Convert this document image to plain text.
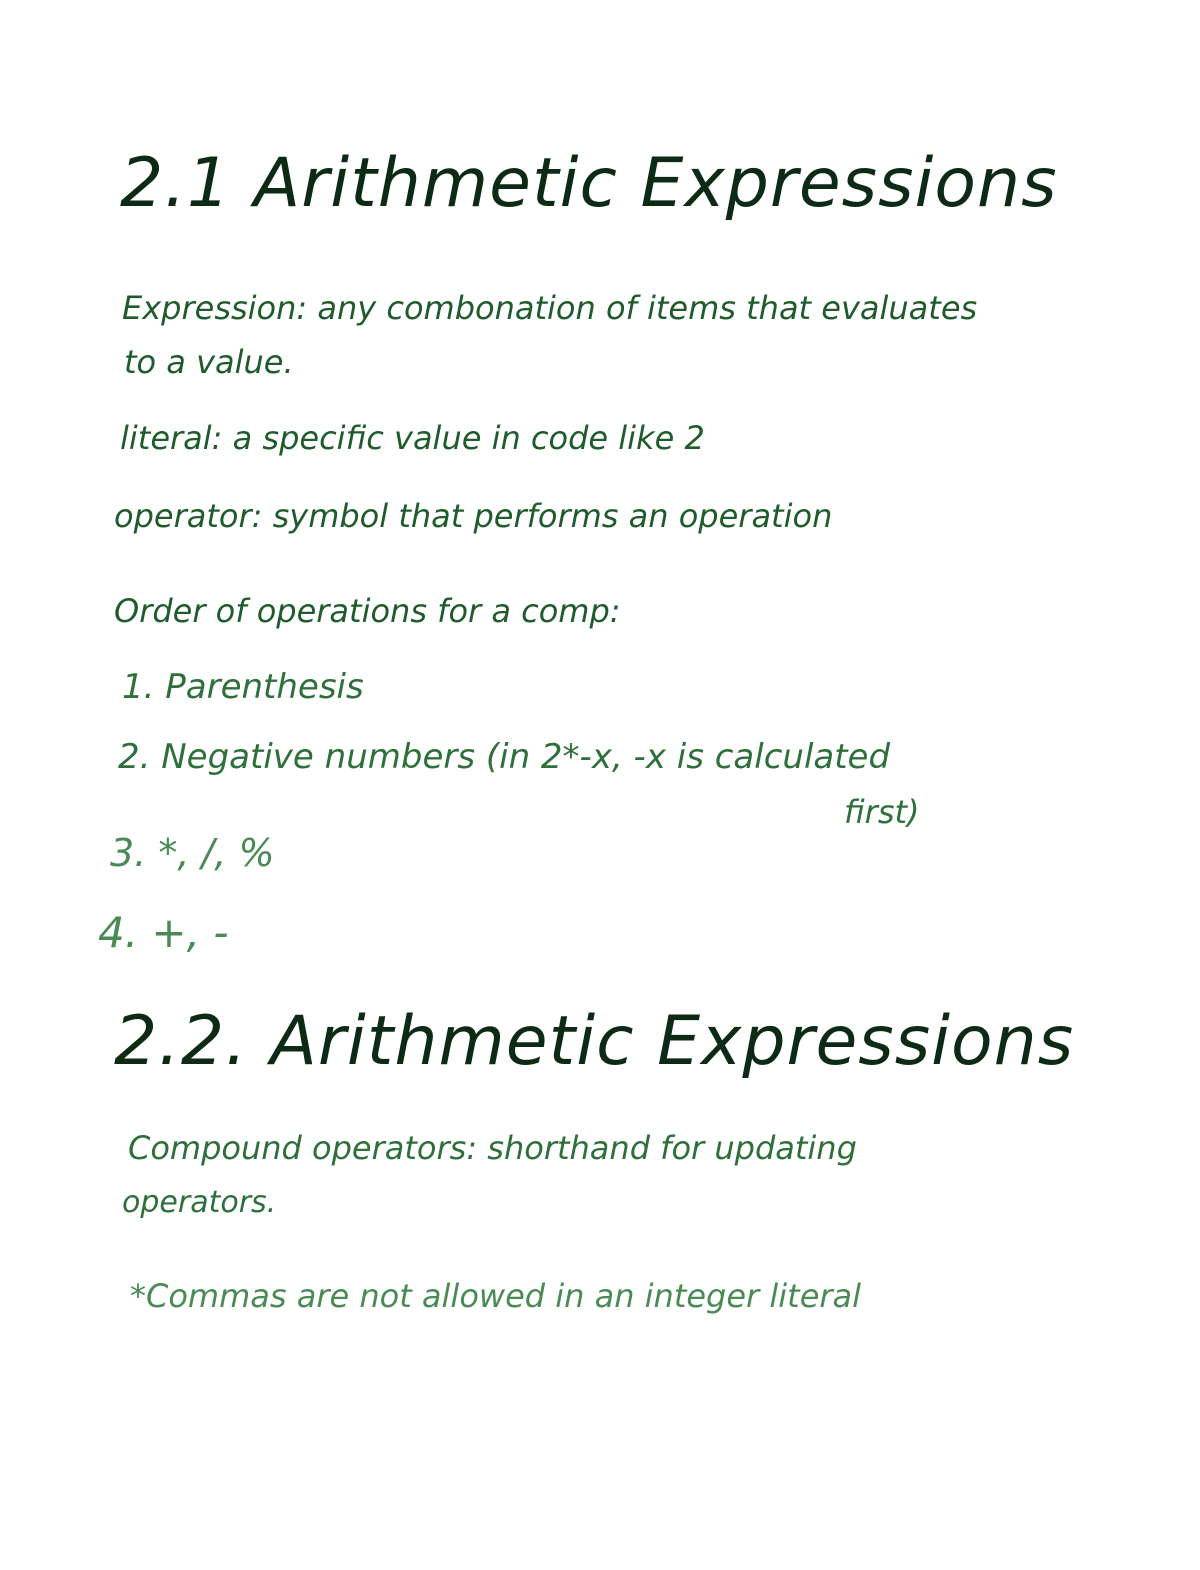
2.1 Arithmetic Expressions
Expression: any combonation of items that evaluates
to a value.
literal: a specific value in code like 2
operator: symbol that performs an operation
Order of operations for a comp:
1. Parenthesis
2. Negative numbers (in 2*-x, -x is calculated
first)
3. *, /, %
4. +, -
2.2. Arithmetic Expressions
Compound operators: shorthand for updating
operators.
*Commas are not allowed in an integer literal
